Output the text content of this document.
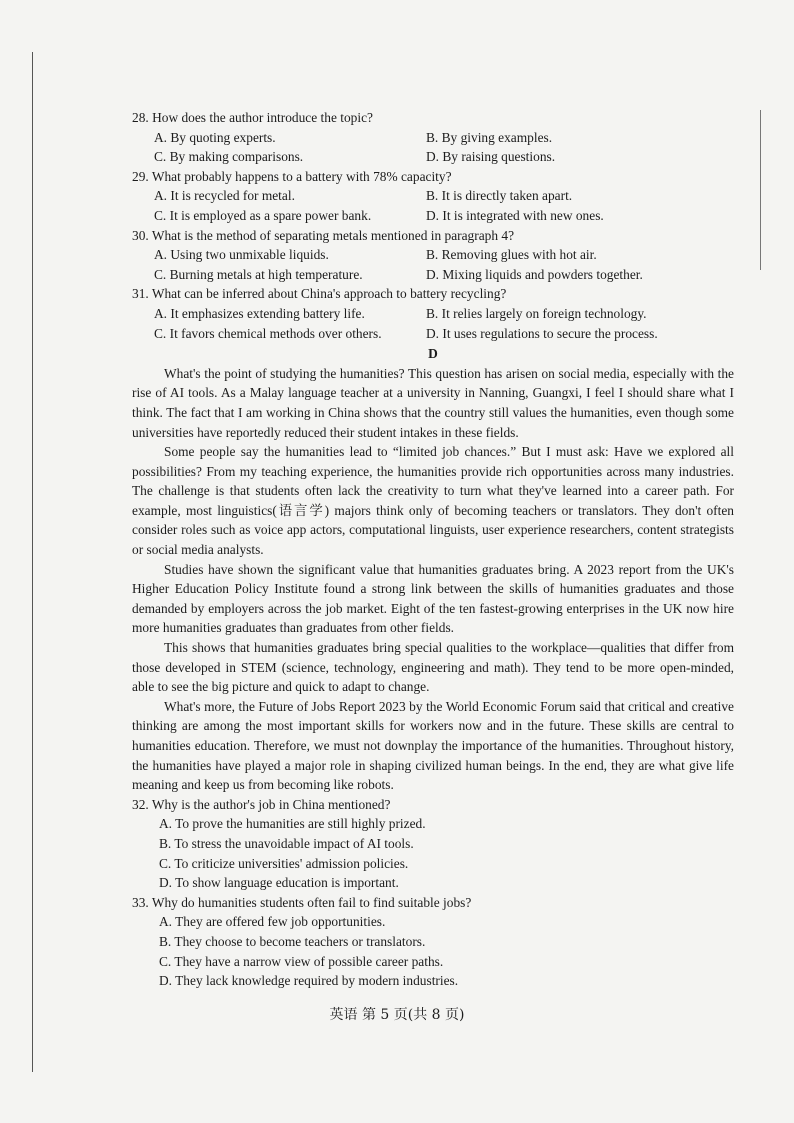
28. How does the author introduce the topic?

A. By quoting experts.	B. By giving examples.
C. By making comparisons.	D. By raising questions.

29. What probably happens to a battery with 78% capacity?

A. It is recycled for metal.	B. It is directly taken apart.
C. It is employed as a spare power bank.	D. It is integrated with new ones.

30. What is the method of separating metals mentioned in paragraph 4?

A. Using two unmixable liquids.	B. Removing glues with hot air.
C. Burning metals at high temperature.	D. Mixing liquids and powders together.

31. What can be inferred about China's approach to battery recycling?

A. It emphasizes extending battery life.	B. It relies largely on foreign technology.
C. It favors chemical methods over others.	D. It uses regulations to secure the process.

D

What's the point of studying the humanities? This question has arisen on social media, especially with the rise of AI tools. As a Malay language teacher at a university in Nanning, Guangxi, I feel I should share what I think. The fact that I am working in China shows that the country still values the humanities, even though some universities have reportedly reduced their student intakes in these fields.

Some people say the humanities lead to “limited job chances.” But I must ask: Have we explored all possibilities? From my teaching experience, the humanities provide rich opportunities across many industries. The challenge is that students often lack the creativity to turn what they've learned into a career path. For example, most linguistics(语言学) majors think only of becoming teachers or translators. They don't often consider roles such as voice app actors, computational linguists, user experience researchers, content strategists or social media analysts.

Studies have shown the significant value that humanities graduates bring. A 2023 report from the UK's Higher Education Policy Institute found a strong link between the skills of humanities graduates and those demanded by employers across the job market. Eight of the ten fastest-growing enterprises in the UK now hire more humanities graduates than graduates from other fields.

This shows that humanities graduates bring special qualities to the workplace—qualities that differ from those developed in STEM (science, technology, engineering and math). They tend to be more open-minded, able to see the big picture and quick to adapt to change.

What's more, the Future of Jobs Report 2023 by the World Economic Forum said that critical and creative thinking are among the most important skills for workers now and in the future. These skills are central to humanities education. Therefore, we must not downplay the importance of the humanities. Throughout history, the humanities have played a major role in shaping civilized human beings. In the end, they are what give life meaning and keep us from becoming like robots.

32. Why is the author's job in China mentioned?

A. To prove the humanities are still highly prized.
B. To stress the unavoidable impact of AI tools.
C. To criticize universities' admission policies.
D. To show language education is important.

33. Why do humanities students often fail to find suitable jobs?

A. They are offered few job opportunities.
B. They choose to become teachers or translators.
C. They have a narrow view of possible career paths.
D. They lack knowledge required by modern industries.
英语 第 5 页(共 8 页)
